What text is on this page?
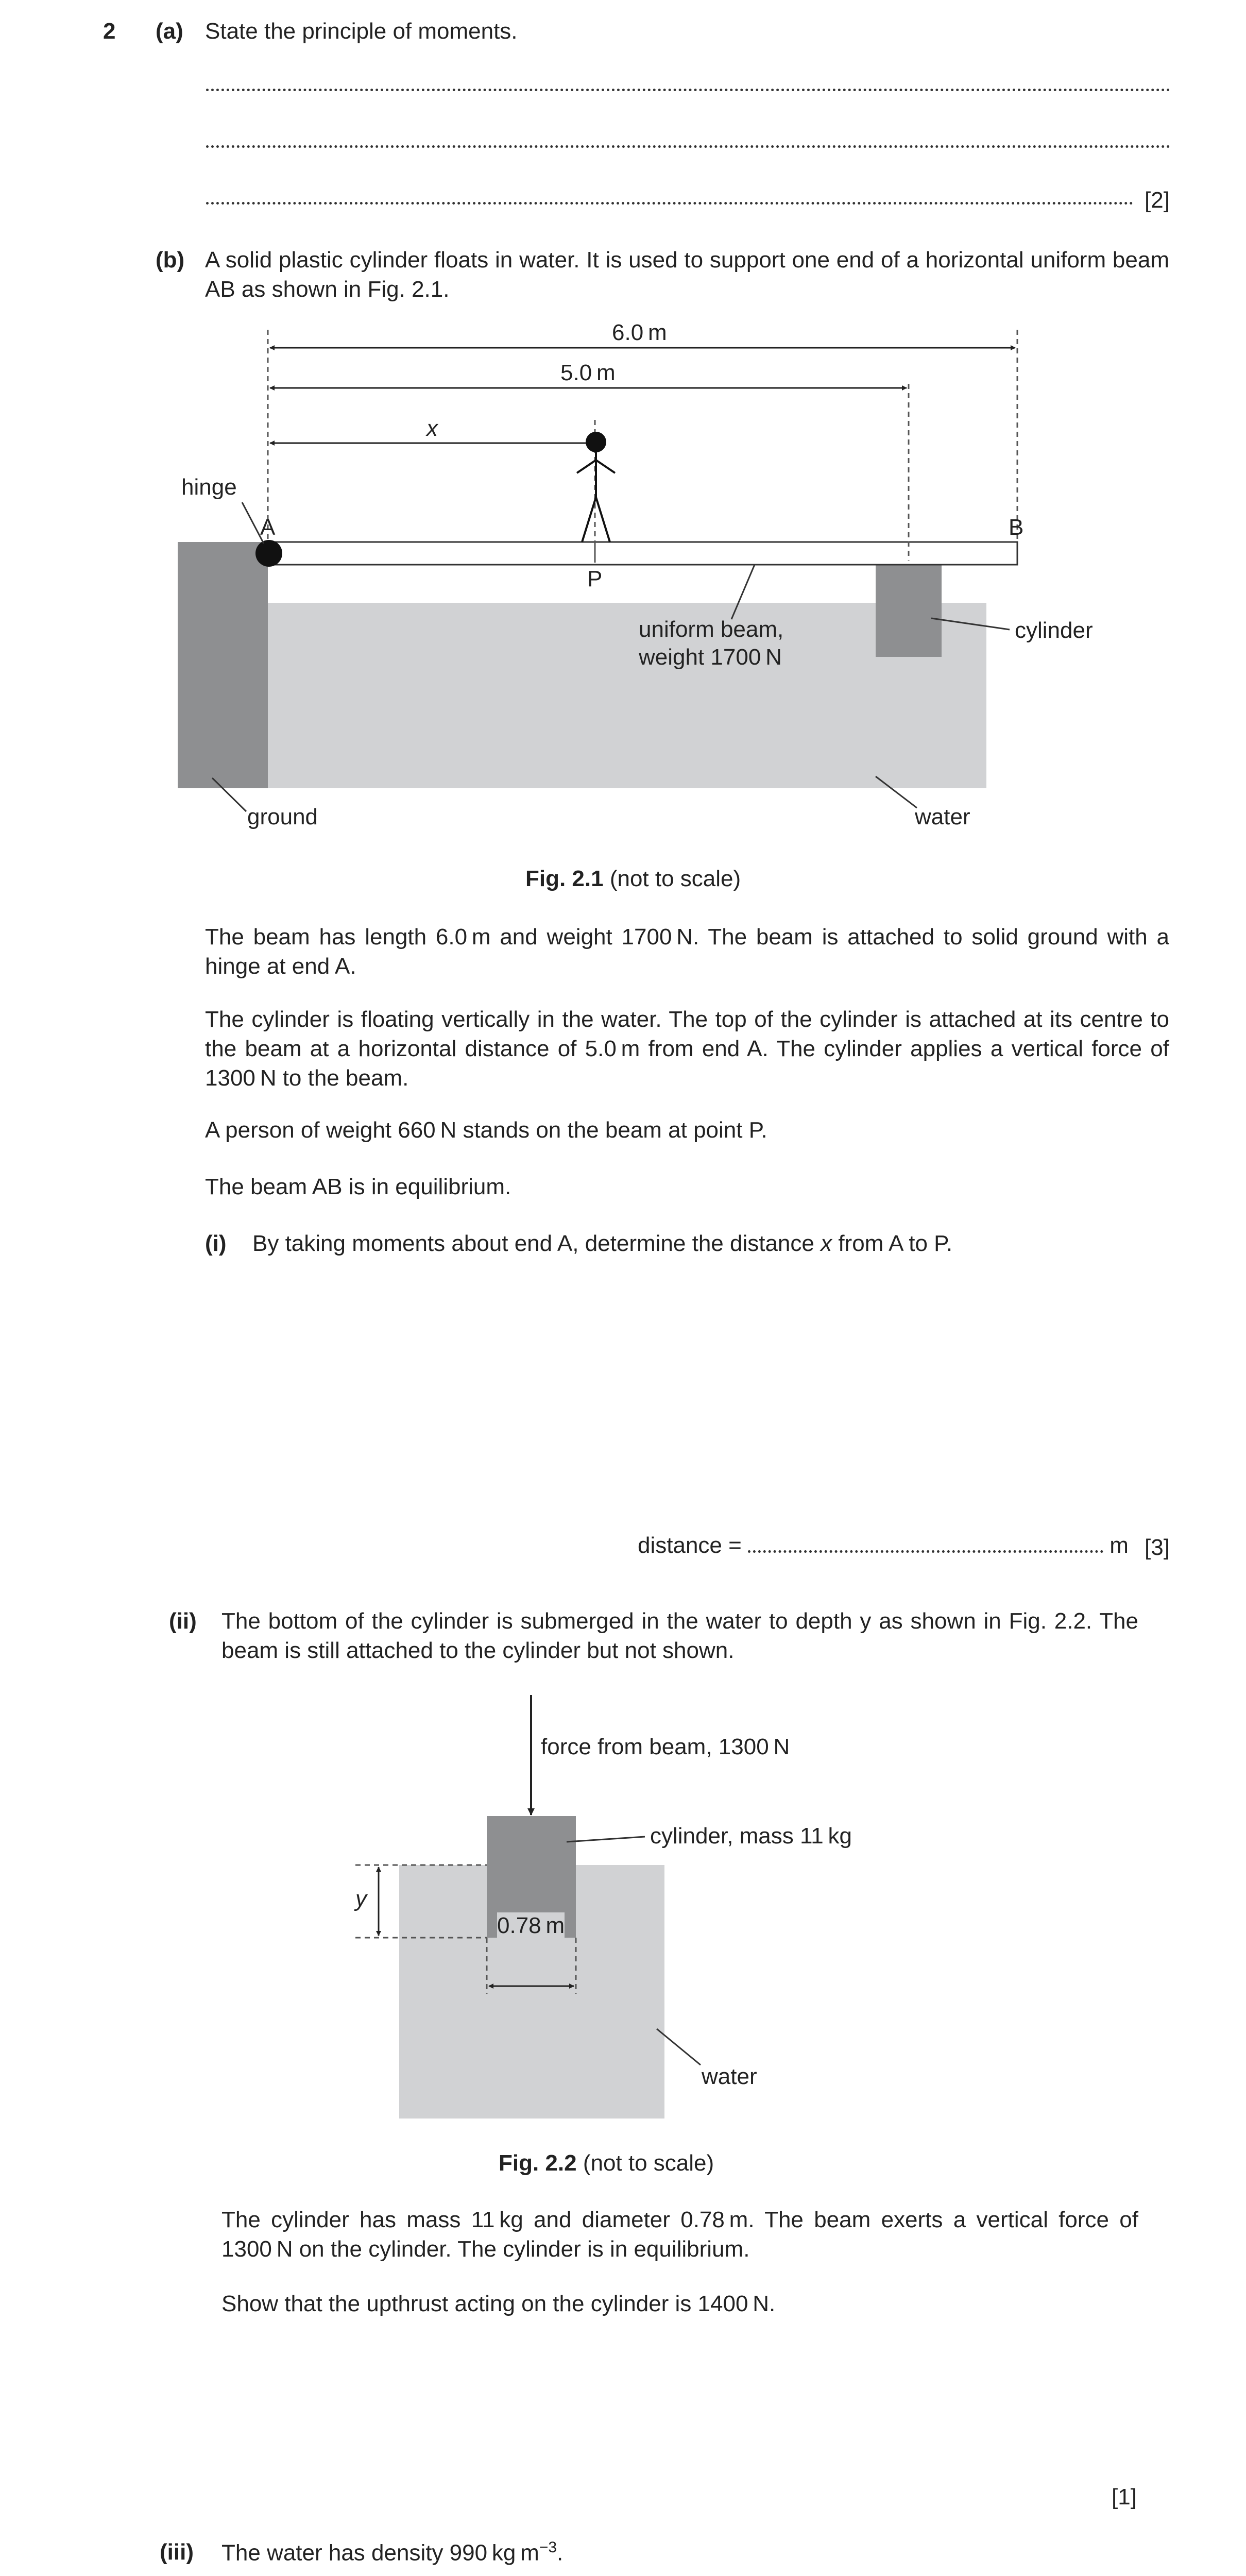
2 (a) State the principle of moments.
[2]
(b) A solid plastic cylinder floats in water. It is used to support one end of a horizontal uniform beam AB as shown in Fig. 2.1.
6.0 m
5.0 m
x
hinge
A	B
P
uniform beam,
weight 1700 N
cylinder
ground	water
Fig. 2.1 (not to scale)
The beam has length 6.0 m and weight 1700 N. The beam is attached to solid ground with a hinge at end A.
The cylinder is floating vertically in the water. The top of the cylinder is attached at its centre to the beam at a horizontal distance of 5.0 m from end A. The cylinder applies a vertical force of 1300 N to the beam.
A person of weight 660 N stands on the beam at point P.
The beam AB is in equilibrium.
(i) By taking moments about end A, determine the distance x from A to P.
distance =	m [3]
(ii) The bottom of the cylinder is submerged in the water to depth y as shown in Fig. 2.2. The beam is still attached to the cylinder but not shown.
force from beam, 1300 N
cylinder, mass 11 kg
y
0.78 m
water
Fig. 2.2 (not to scale)
The cylinder has mass 11 kg and diameter 0.78 m. The beam exerts a vertical force of 1300 N on the cylinder. The cylinder is in equilibrium.
Show that the upthrust acting on the cylinder is 1400 N.
[1]
(iii) The water has density 990 kg $m^{-3}$.
